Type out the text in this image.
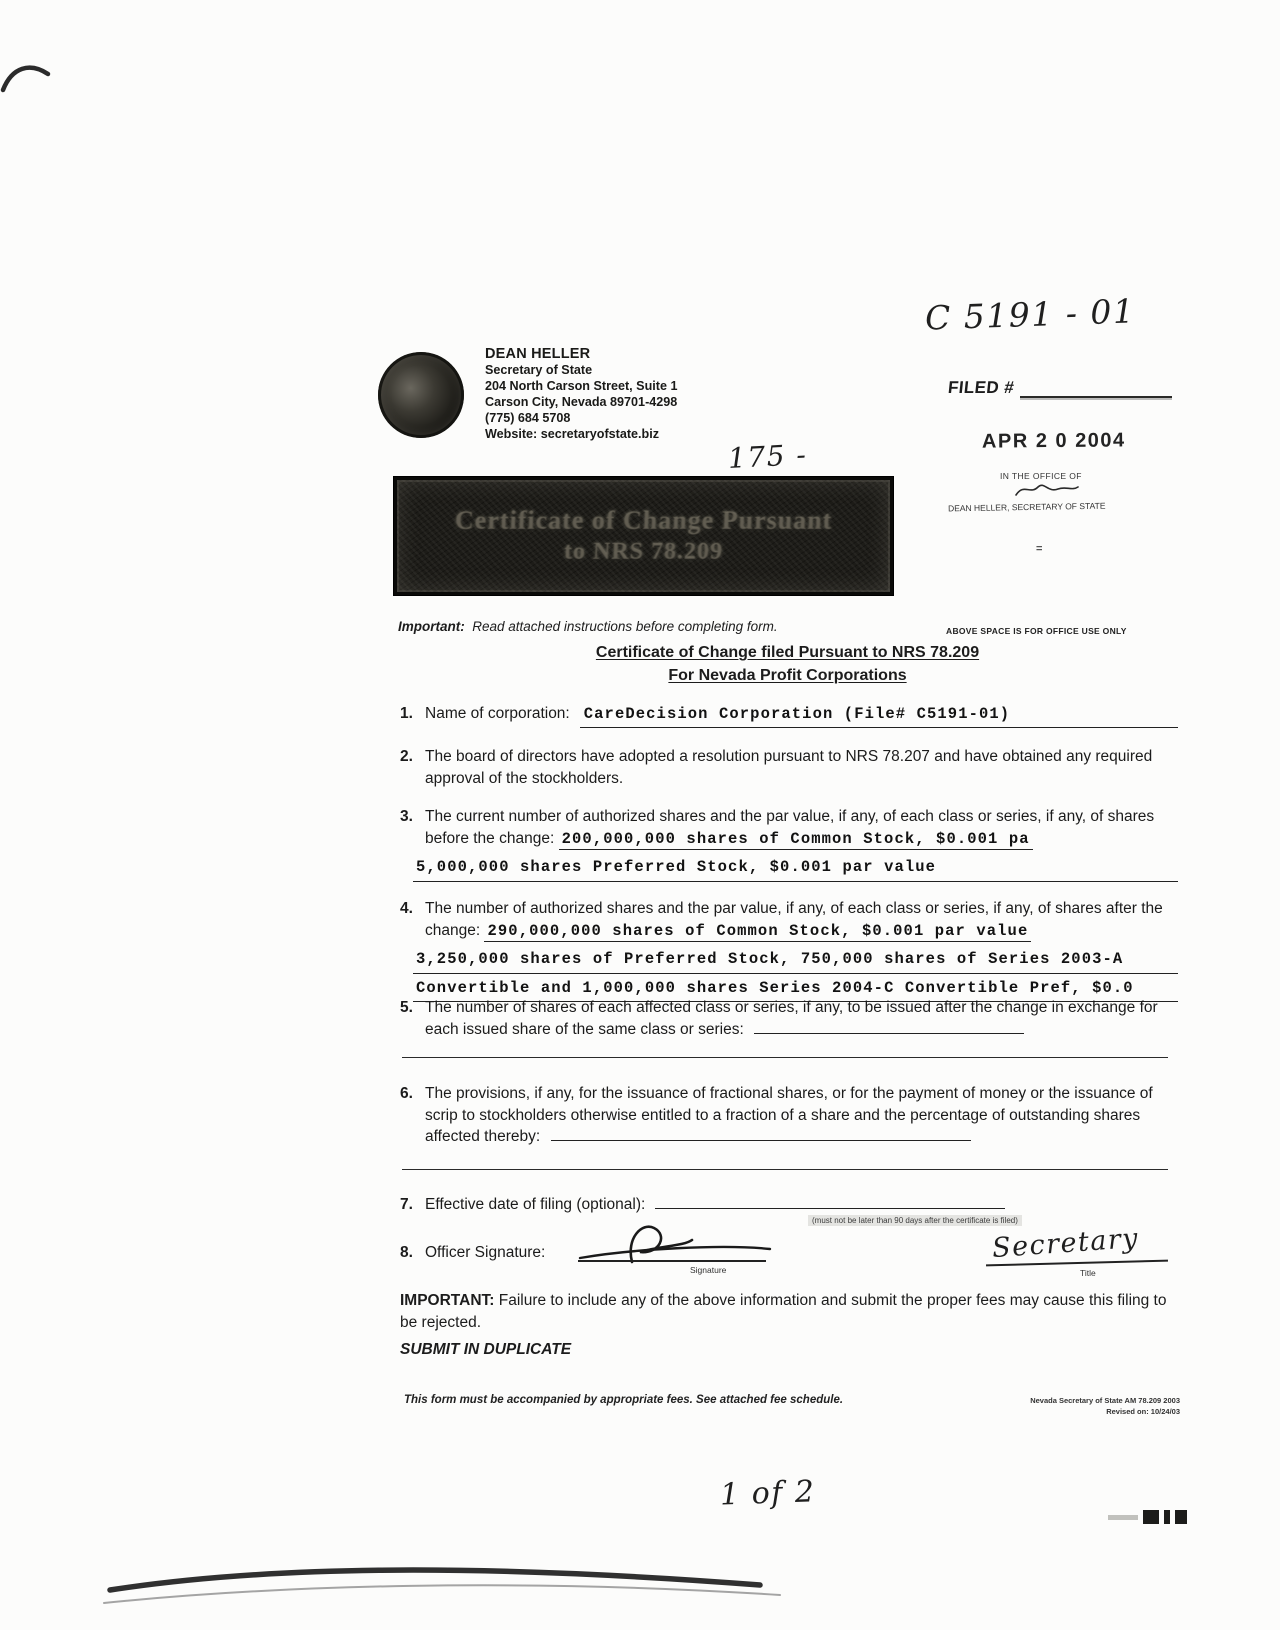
C 5191 - 01
DEAN HELLER
Secretary of State
204 North Carson Street, Suite 1
Carson City, Nevada 89701-4298
(775) 684 5708
Website: secretaryofstate.biz
FILED #
APR 2 0 2004
IN THE OFFICE OF
DEAN HELLER, SECRETARY OF STATE
175 -
Certificate of Change Pursuant
to NRS 78.209	=
Important: Read attached instructions before completing form.	ABOVE SPACE IS FOR OFFICE USE ONLY
Certificate of Change filed Pursuant to NRS 78.209
For Nevada Profit Corporations
1. Name of corporation: CareDecision Corporation (File# C5191-01)
2. The board of directors have adopted a resolution pursuant to NRS 78.207 and have obtained any required approval of the stockholders.
3. The current number of authorized shares and the par value, if any, of each class or series, if any, of shares before the change: 200,000,000 shares of Common Stock, $0.001 pa
5,000,000 shares Preferred Stock, $0.001 par value
4. The number of authorized shares and the par value, if any, of each class or series, if any, of shares after the change: 290,000,000 shares of Common Stock, $0.001 par value
3,250,000 shares of Preferred Stock, 750,000 shares of Series 2003-A
Convertible and 1,000,000 shares Series 2004-C Convertible Pref, $0.0
5. The number of shares of each affected class or series, if any, to be issued after the change in exchange for each issued share of the same class or series:
6. The provisions, if any, for the issuance of fractional shares, or for the payment of money or the issuance of scrip to stockholders otherwise entitled to a fraction of a share and the percentage of outstanding shares affected thereby:
7. Effective date of filing (optional):
(must not be later than 90 days after the certificate is filed)
8. Officer Signature:
Signature
Secretary
Title
IMPORTANT: Failure to include any of the above information and submit the proper fees may cause this filing to be rejected.
SUBMIT IN DUPLICATE
This form must be accompanied by appropriate fees. See attached fee schedule.	Nevada Secretary of State AM 78.209 2003
Revised on: 10/24/03
1 of 2
